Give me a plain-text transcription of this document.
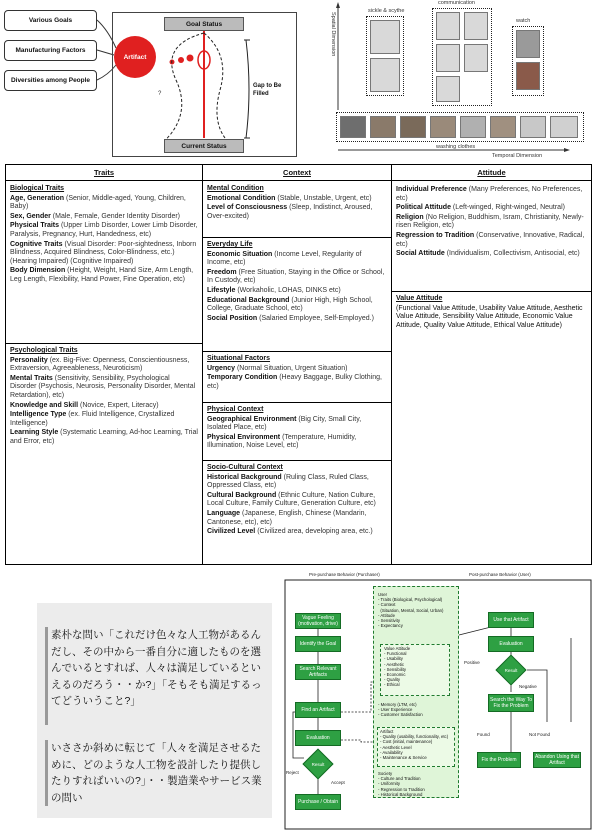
Various Goals
Manufacturing Factors
Diversities among People
?
Artifact
Goal Status
Current Status
Gap to Be Filled
Spatial Dimension
sickle & scythe
communication
watch
washing clothes
Temporal Dimension
Traits
Biological Traits
Age, Generation (Senior, Middle-aged, Young, Children, Baby)
Sex, Gender (Male, Female, Gender Identity Disorder)
Physical Traits (Upper Limb Disorder, Lower Limb Disorder, Paralysis, Pregnancy, Hurt, Handedness, etc)
Cognitive Traits (Visual Disorder: Poor-sightedness, Inborn Blindness, Acquired Blindness, Color-Blindness, etc.) (Hearing Impaired) (Cognitive Impaired)
Body Dimension (Height, Weight, Hand Size, Arm Length, Leg Length, Flexibility, Hand Power, Fine Operation, etc)
Psychological Traits
Personality (ex. Big-Five: Openness, Conscientiousness, Extraversion, Agreeableness, Neuroticism)
Mental Traits (Sensitivity, Sensibility, Psychological Disorder (Psychosis, Neurosis, Personality Disorder, Mental Retardation), etc)
Knowledge and Skill (Novice, Expert, Literacy)
Intelligence Type (ex. Fluid Intelligence, Crystallized Intelligence)
Learning Style (Systematic Learning, Ad-hoc Learning, Trial and Error, etc)
Context
Mental Condition
Emotional Condition (Stable, Unstable, Urgent, etc)
Level of Consciousness (Sleep, Indistinct, Aroused, Over-excited)
Everyday Life
Economic Situation (Income Level, Regularity of Income, etc)
Freedom (Free Situation, Staying in the Office or School, In Custody, etc)
Lifestyle (Workaholic, LOHAS, DINKS etc)
Educational Background (Junior High, High School, College, Graduate School, etc)
Social Position (Salaried Employee, Self-Employed.)
Situational Factors
Urgency (Normal Situation, Urgent Situation)
Temporary Condition (Heavy Baggage, Bulky Clothing, etc)
Physical Context
Geographical Environment (Big City, Small City, Isolated Place, etc)
Physical Environment (Temperature, Humidity, Illumination, Noise Level, etc)
Socio-Cultural Context
Historical Background (Ruling Class, Ruled Class, Oppressed Class, etc)
Cultural Background (Ethnic Culture, Nation Culture, Local Culture, Family Culture, Generation Culture, etc)
Language (Japanese, English, Chinese (Mandarin, Cantonese, etc), etc)
Civilized Level (Civilized area, developing area, etc.)
Attitude
Individual Preference (Many Preferences, No Preferences, etc)
Political Attitude (Left-winged, Right-winged, Neutral)
Religion (No Religion, Buddhism, Isram, Christianity, Newly-risen Religion, etc)
Regression to Tradition (Conservative, Innovative, Radical, etc)
Social Attitude (Individualism, Collectivism, Antisocial, etc)
Value Attitude
(Functional Value Attitude, Usability Value Attitude, Aesthetic Value Attitude, Sensibility Value Attitude, Economic Value Attitude, Quality Value Attitude, Ethical Value Attitude)
素朴な問い「これだけ色々な人工物があるんだし、その中から一番自分に適したものを選んでいるとすれば、人々は満足しているといえるのだろう・・か?」「そもそも満足するってどういうこと?」
いささか斜めに転じて「人々を満足させるために、どのような人工物を設計したり提供したりすればいいの?」・・製造業やサービス業の問い
Pre-purchase Behavior (Purchaser)	Post-purchase Behavior (User)
User
- Traits (Biological, Psychological)
- Context
(Situation, Mental, Social, Urban)
- Attitude
- Sensitivity
- Expectancy
Value Attitude
- Functional
- Usability
- Aesthetic
- Sensibility
- Economic
- Quality
- Ethical
- Memory (LTM, etc)
- User Experience
- Customer Satisfaction
Artifact
- Quality (usability, functionality, etc)
- Cost (initial, maintenance)
- Aesthetic Level
- Availability
- Maintenance & Service
Society
- Culture and Tradition
- Uniformity
- Regression to Tradition
- Historical Background
Vague Feeling (motivation, drive)
Identify the Goal
Search Relevant Artifacts
Find an Artifact
Evaluation
Result
Reject
Accept
Purchase / Obtain
Use that Artifact
Evaluation
Result
Positive
Negative
Search the Way To Fix the Problem
Found	Not Found
Fix the Problem	Abandon Using that Artifact
